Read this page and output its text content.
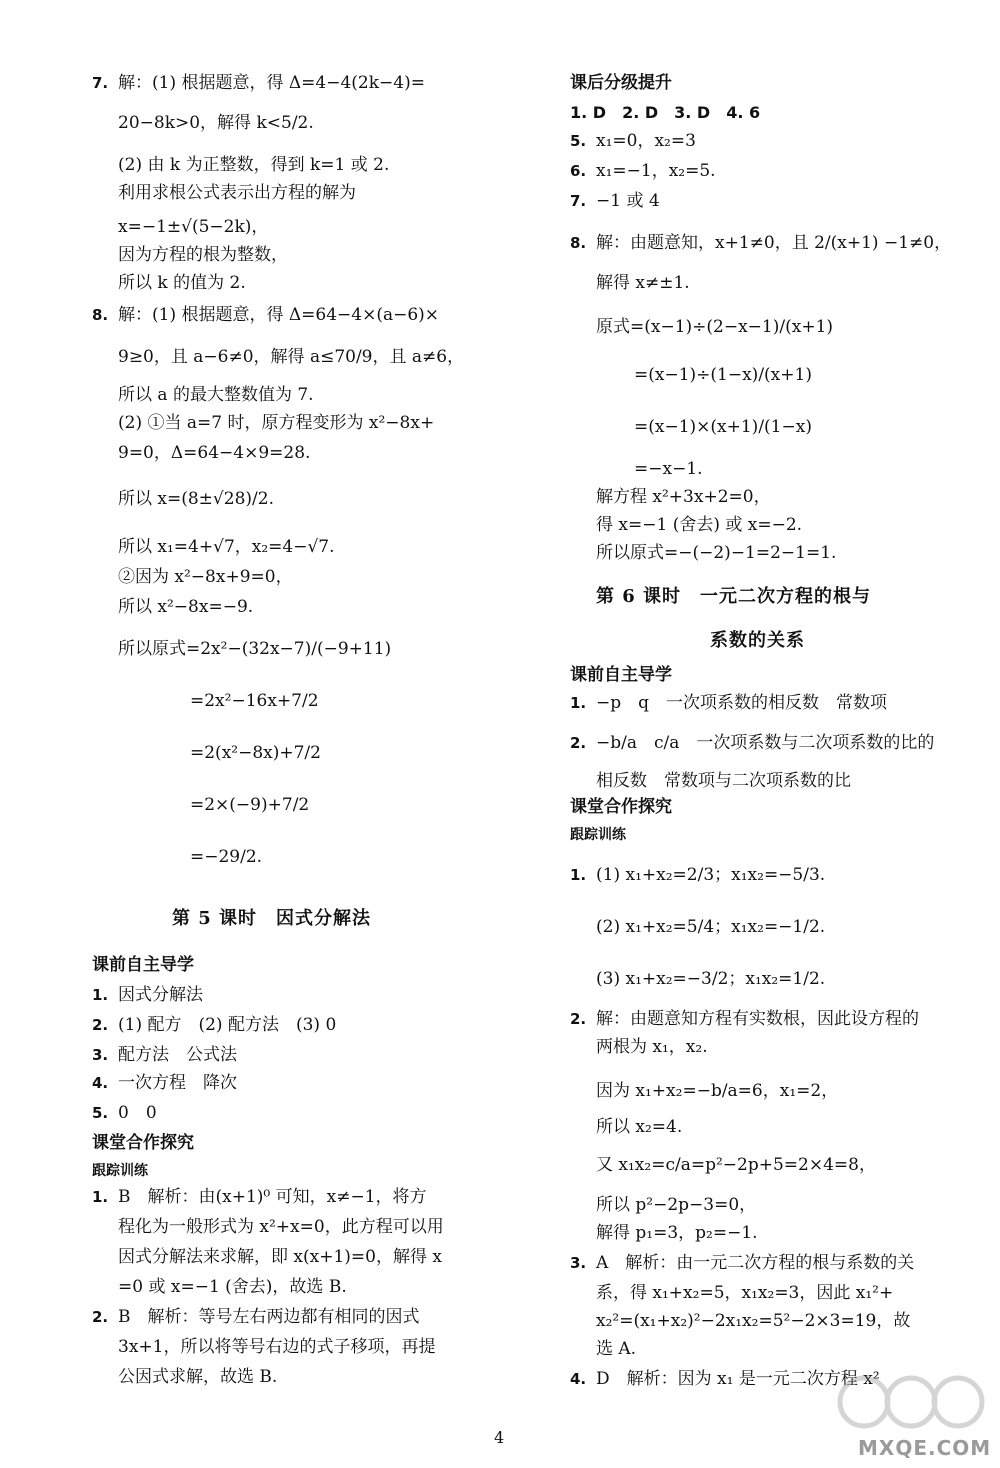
7. 解：(1) 根据题意，得 Δ=4−4(2k−4)=
20−8k>0，解得 k<5/2.
(2) 由 k 为正整数，得到 k=1 或 2.
利用求根公式表示出方程的解为
x=−1±√(5−2k)，
因为方程的根为整数，
所以 k 的值为 2.
8. 解：(1) 根据题意，得 Δ=64−4×(a−6)×
9≥0，且 a−6≠0，解得 a≤70/9，且 a≠6，
所以 a 的最大整数值为 7.
(2) ①当 a=7 时，原方程变形为 x²−8x+
9=0，Δ=64−4×9=28.
所以 x=(8±√28)/2.
所以 x₁=4+√7，x₂=4−√7.
②因为 x²−8x+9=0，
所以 x²−8x=−9.
所以原式=2x²−(32x−7)/(−9+11)
=2x²−16x+7/2
=2(x²−8x)+7/2
=2×(−9)+7/2
=−29/2.
第 5 课时　因式分解法
课前自主导学
1. 因式分解法
2. (1) 配方　(2) 配方法　(3) 0
3. 配方法　公式法
4. 一次方程　降次
5. 0　0
课堂合作探究
跟踪训练
1. B　解析：由(x+1)⁰ 可知，x≠−1，将方
程化为一般形式为 x²+x=0，此方程可以用
因式分解法来求解，即 x(x+1)=0，解得 x
=0 或 x=−1 (舍去)，故选 B.
2. B　解析：等号左右两边都有相同的因式
3x+1，所以将等号右边的式子移项，再提
公因式求解，故选 B.
课后分级提升
1. D　2. D　3. D　4. 6
5. x₁=0，x₂=3
6. x₁=−1，x₂=5.
7. −1 或 4
8. 解：由题意知，x+1≠0，且 2/(x+1) −1≠0，
解得 x≠±1.
原式=(x−1)÷(2−x−1)/(x+1)
=(x−1)÷(1−x)/(x+1)
=(x−1)×(x+1)/(1−x)
=−x−1.
解方程 x²+3x+2=0，
得 x=−1 (舍去) 或 x=−2.
所以原式=−(−2)−1=2−1=1.
第 6 课时　一元二次方程的根与
系数的关系
课前自主导学
1. −p　q　一次项系数的相反数　常数项
2. −b/a　c/a　一次项系数与二次项系数的比的
相反数　常数项与二次项系数的比
课堂合作探究
跟踪训练
1. (1) x₁+x₂=2/3；x₁x₂=−5/3.
(2) x₁+x₂=5/4；x₁x₂=−1/2.
(3) x₁+x₂=−3/2；x₁x₂=1/2.
2. 解：由题意知方程有实数根，因此设方程的
两根为 x₁，x₂.
因为 x₁+x₂=−b/a=6，x₁=2，
所以 x₂=4.
又 x₁x₂=c/a=p²−2p+5=2×4=8，
所以 p²−2p−3=0，
解得 p₁=3，p₂=−1.
3. A　解析：由一元二次方程的根与系数的关
系，得 x₁+x₂=5，x₁x₂=3，因此 x₁²+
x₂²=(x₁+x₂)²−2x₁x₂=5²−2×3=19，故
选 A.
4. D　解析：因为 x₁ 是一元二次方程 x²
4	MXQE.COM
